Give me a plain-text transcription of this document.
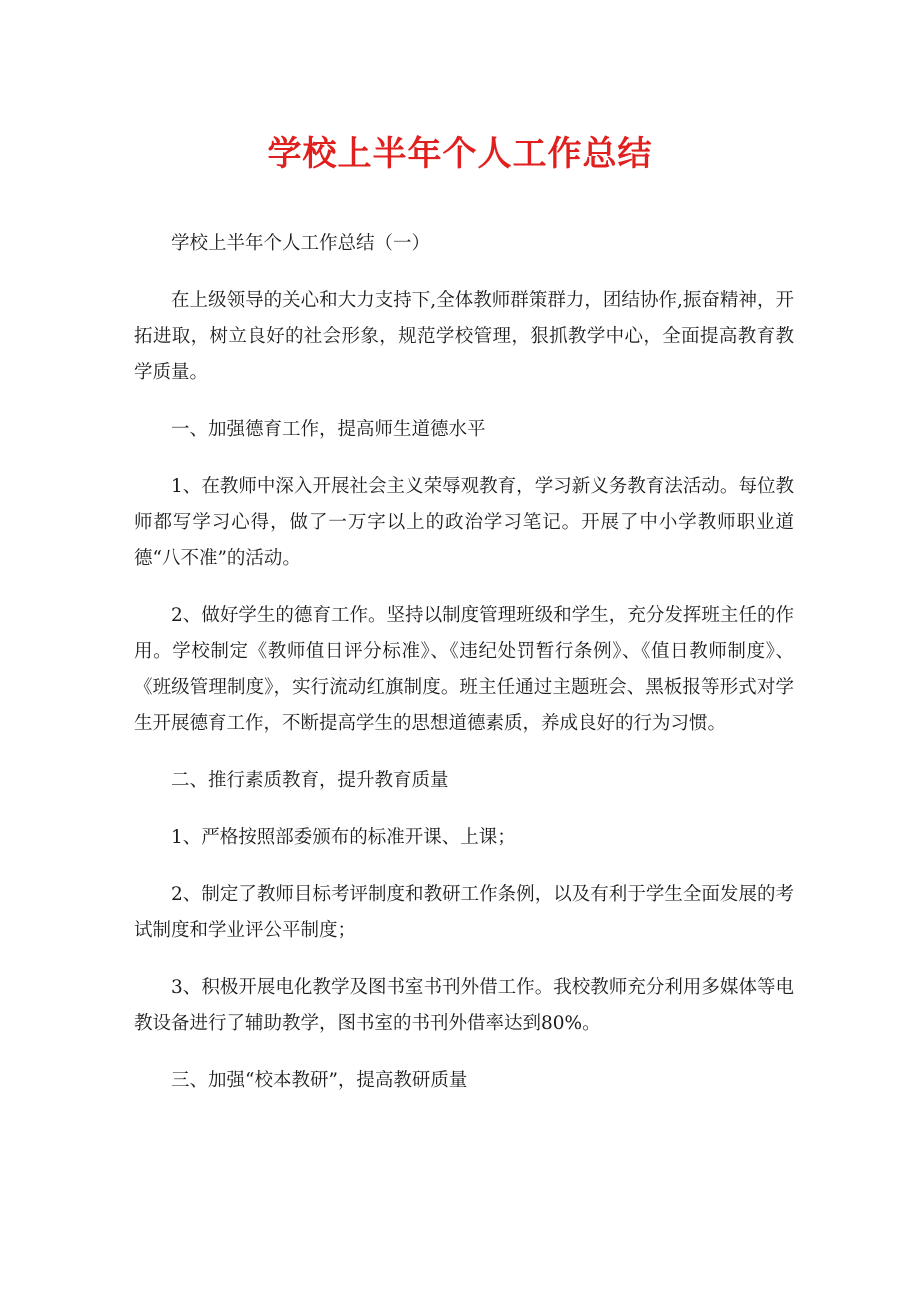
学校上半年个人工作总结

学校上半年个人工作总结（一）

在上级领导的关心和大力支持下,全体教师群策群力，团结协作,振奋精神，开拓进取，树立良好的社会形象，规范学校管理，狠抓教学中心，全面提高教育教学质量。

一、加强德育工作，提高师生道德水平

1、在教师中深入开展社会主义荣辱观教育，学习新义务教育法活动。每位教师都写学习心得，做了一万字以上的政治学习笔记。开展了中小学教师职业道德“八不准”的活动。

2、做好学生的德育工作。坚持以制度管理班级和学生，充分发挥班主任的作用。学校制定《教师值日评分标准》、《违纪处罚暂行条例》、《值日教师制度》、《班级管理制度》，实行流动红旗制度。班主任通过主题班会、黑板报等形式对学生开展德育工作，不断提高学生的思想道德素质，养成良好的行为习惯。

二、推行素质教育，提升教育质量

1、严格按照部委颁布的标准开课、上课；

2、制定了教师目标考评制度和教研工作条例，以及有利于学生全面发展的考试制度和学业评公平制度；

3、积极开展电化教学及图书室书刊外借工作。我校教师充分利用多媒体等电教设备进行了辅助教学，图书室的书刊外借率达到80%。

三、加强“校本教研”，提高教研质量
